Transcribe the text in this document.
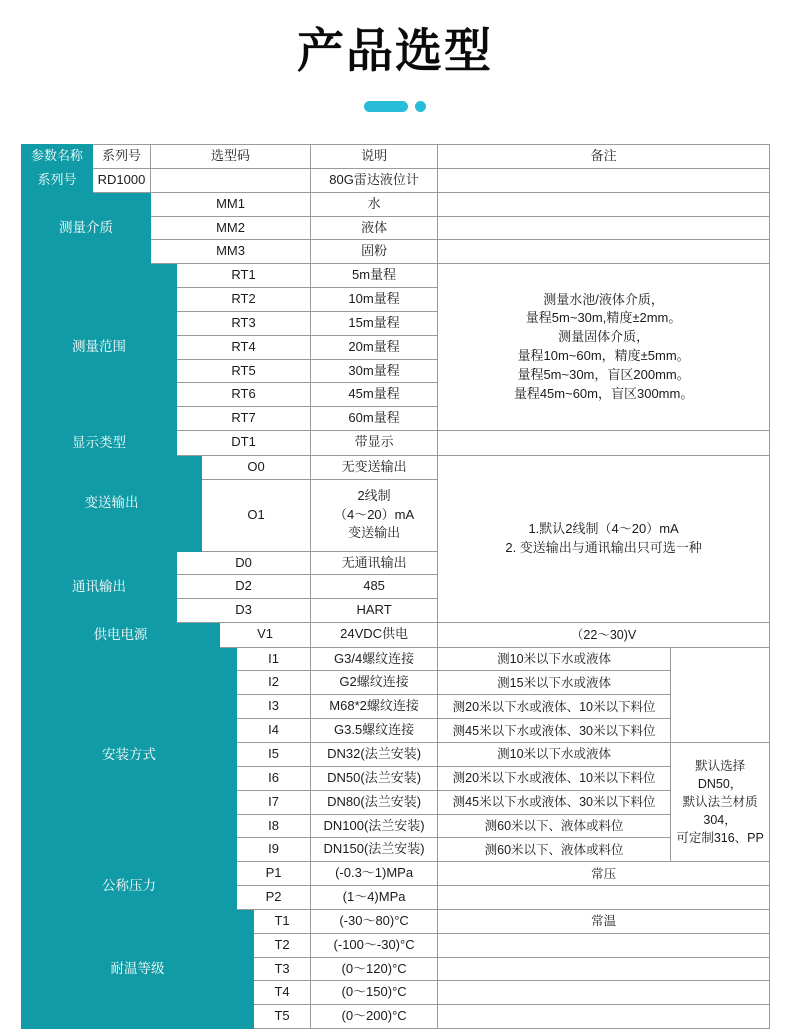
产品选型
参数名称	系列号	选型码						说明	备注	
系列号	RD1000							80G雷达液位计		
测量介质		MM1						水		
		MM2						液体		
		MM3						固粉		
测量范围	RT1	5m量程	测量水池/液体介质，
量程5m~30m,精度±2mm。
测量固体介质，
量程10m~60m，精度±5mm。
量程5m~30m，盲区200mm。
量程45m~60m，盲区300mm。
			RT2					10m量程		
			RT3					15m量程		
			RT4					20m量程		
			RT5					30m量程		
			RT6					45m量程		
			RT7					60m量程		
显示类型			DT1					带显示		
变送输出				O0				无变送输出	1.默认2线制（4～20）mA
2. 变送输出与通讯输出只可选一种	
				O1				2线制
（4～20）mA
变送输出		
通讯输出			D0					无通讯输出		
			D2					485		
			D3					HART		
供电电源					V1			24VDC供电	（22～30)V	
安装方式						I1		G3/4螺纹连接	测10米以下水或液体	
						I2		G2螺纹连接	测15米以下水或液体	
						I3		M68*2螺纹连接	测20米以下水或液体、10米以下料位	
						I4		G3.5螺纹连接	测45米以下水或液体、30米以下料位	
						I5		DN32(法兰安装)	测10米以下水或液体	默认选择
DN50，
默认法兰材质
304，
可定制316、PP
						I6		DN50(法兰安装)	测20米以下水或液体、10米以下料位	
						I7		DN80(法兰安装)	测45米以下水或液体、30米以下料位	
						I8		DN100(法兰安装)	测60米以下、液体或料位	
						I9		DN150(法兰安装)	测60米以下、液体或料位	
公称压力						P1		(-0.3～1)MPa	常压	
						P2		(1～4)MPa		
耐温等级							T1	(-30～80)°C	常温	
							T2	(-100～-30)°C		
							T3	(0～120)°C		
							T4	(0～150)°C		
							T5	(0～200)°C		
